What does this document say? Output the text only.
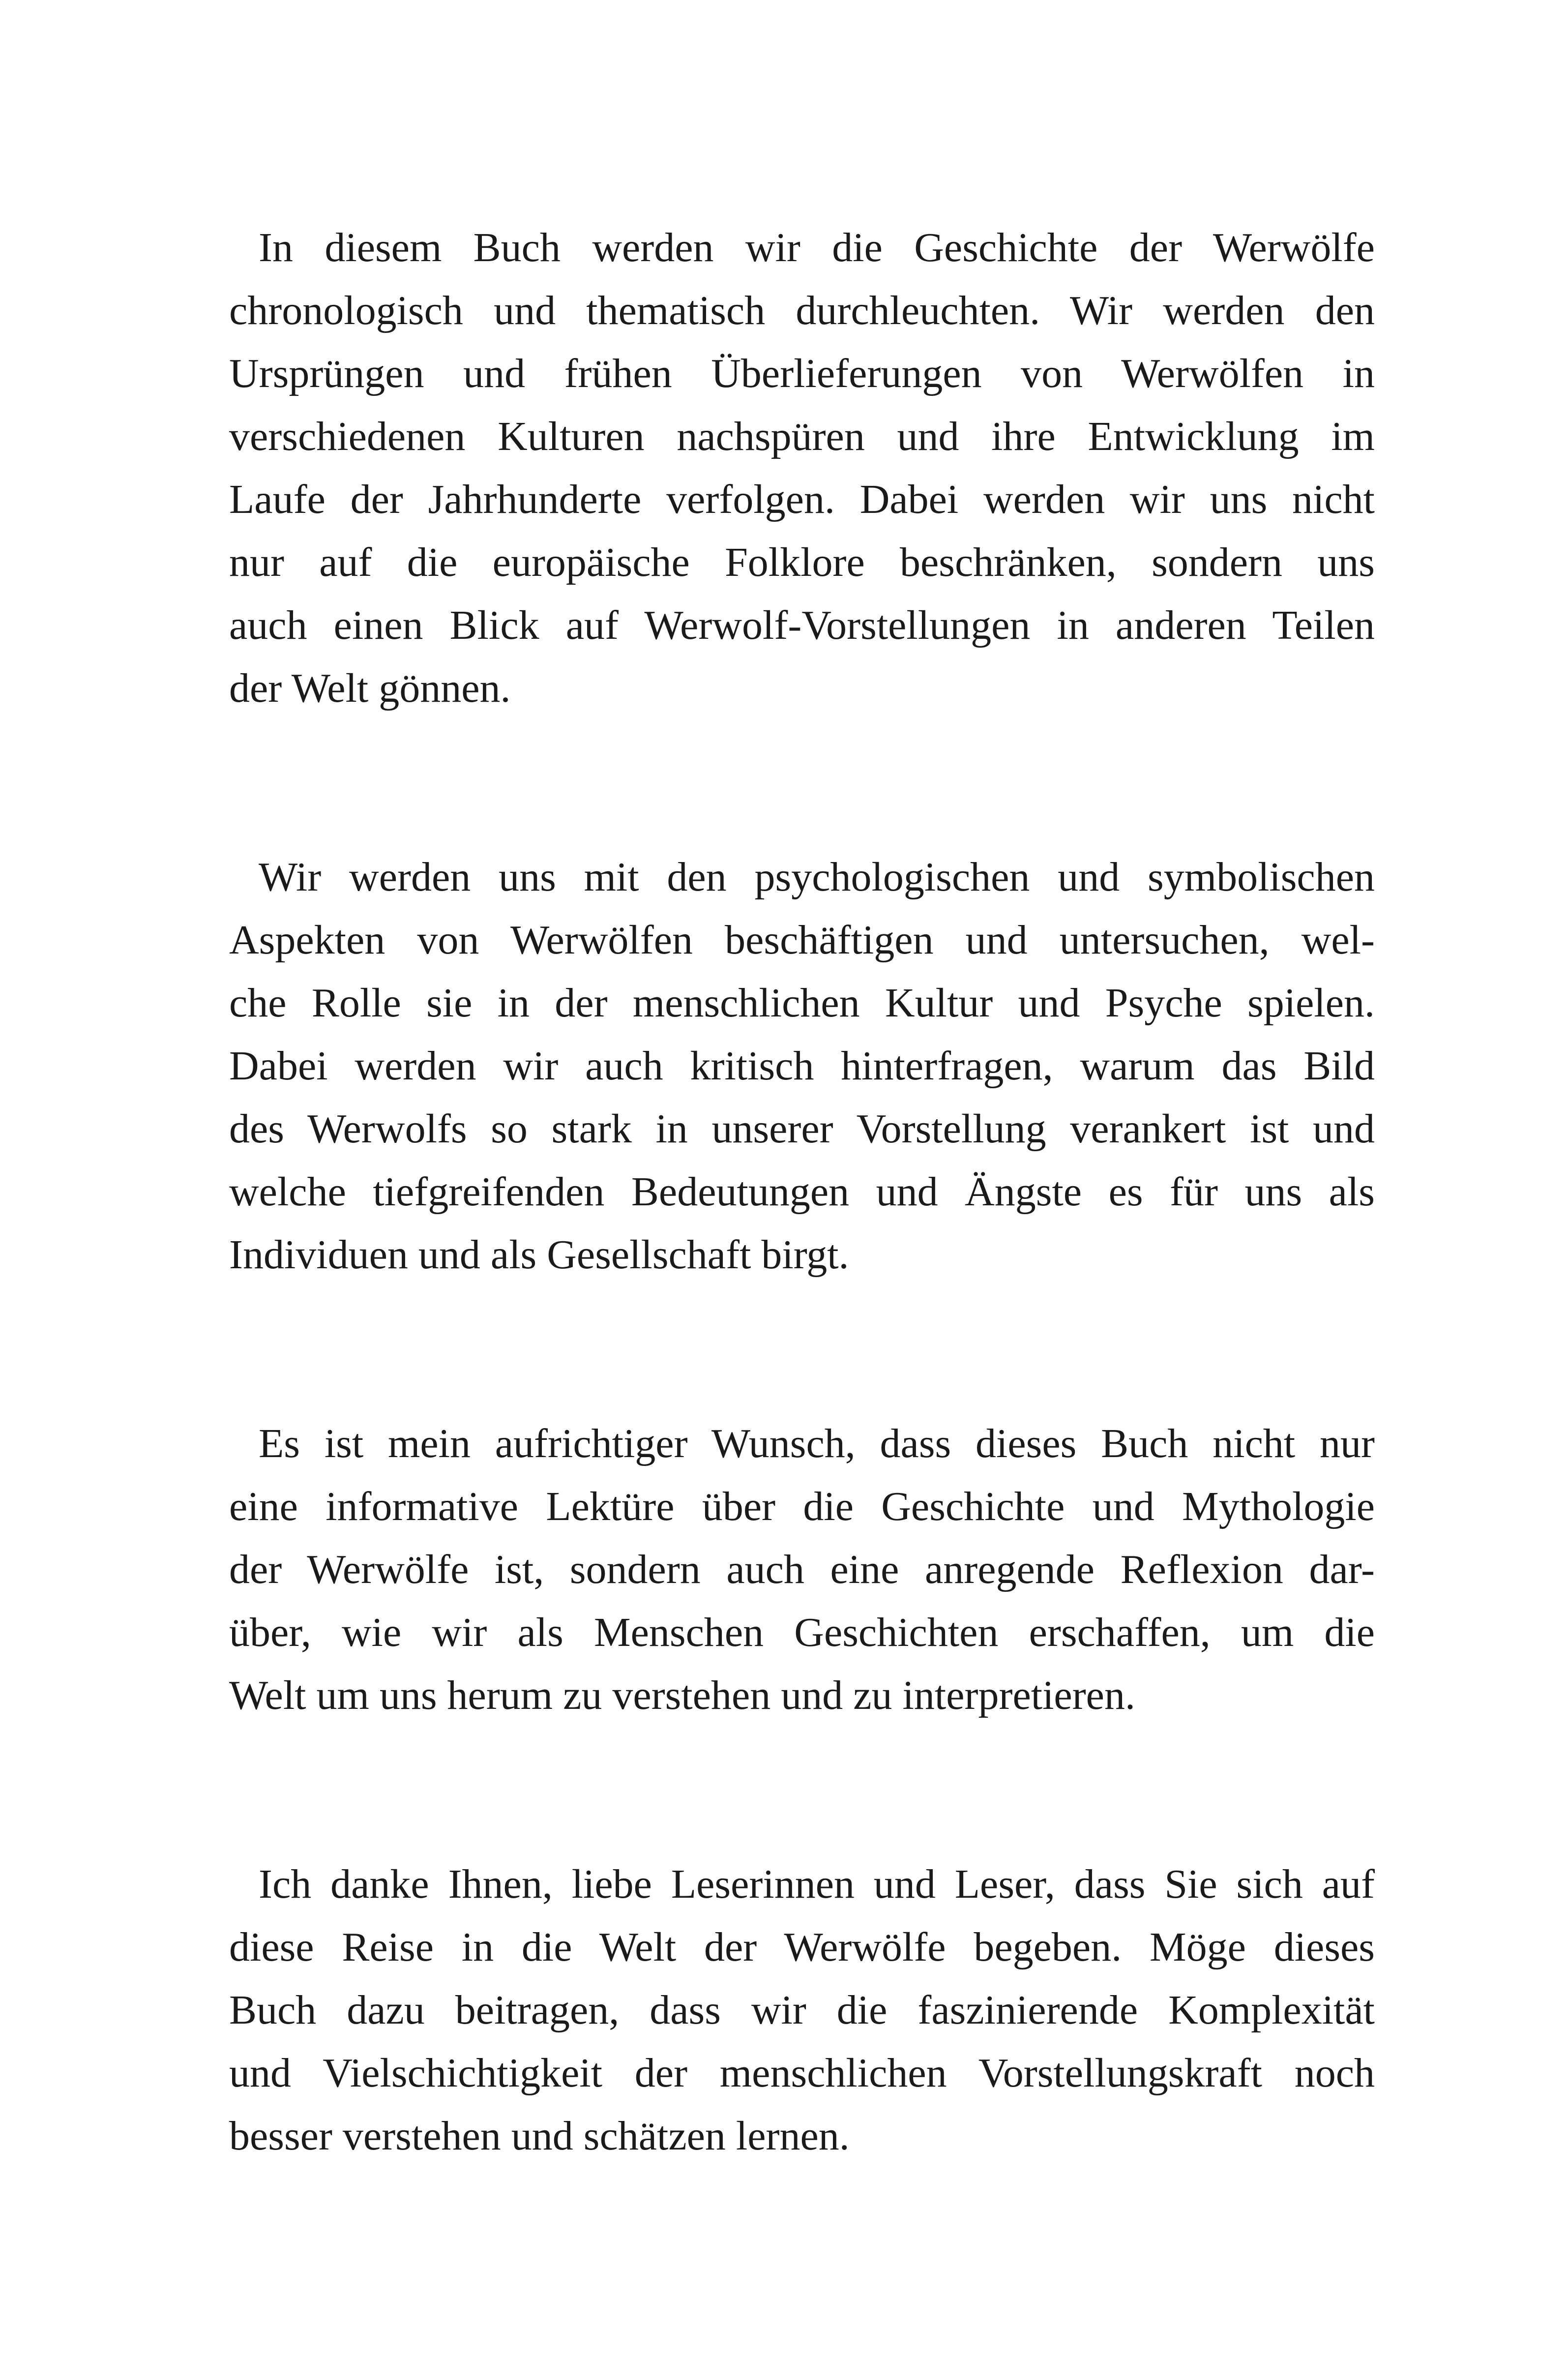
In diesem Buch werden wir die Geschichte der Werwölfe
chronologisch und thematisch durchleuchten. Wir werden den
Ursprüngen und frühen Überlieferungen von Werwölfen in
verschiedenen Kulturen nachspüren und ihre Entwicklung im
Laufe der Jahrhunderte verfolgen. Dabei werden wir uns nicht
nur auf die europäische Folklore beschränken, sondern uns
auch einen Blick auf Werwolf-Vorstellungen in anderen Teilen
der Welt gönnen.

Wir werden uns mit den psychologischen und symbolischen
Aspekten von Werwölfen beschäftigen und untersuchen, wel-
che Rolle sie in der menschlichen Kultur und Psyche spielen.
Dabei werden wir auch kritisch hinterfragen, warum das Bild
des Werwolfs so stark in unserer Vorstellung verankert ist und
welche tiefgreifenden Bedeutungen und Ängste es für uns als
Individuen und als Gesellschaft birgt.

Es ist mein aufrichtiger Wunsch, dass dieses Buch nicht nur
eine informative Lektüre über die Geschichte und Mythologie
der Werwölfe ist, sondern auch eine anregende Reflexion dar-
über, wie wir als Menschen Geschichten erschaffen, um die
Welt um uns herum zu verstehen und zu interpretieren.

Ich danke Ihnen, liebe Leserinnen und Leser, dass Sie sich auf
diese Reise in die Welt der Werwölfe begeben. Möge dieses
Buch dazu beitragen, dass wir die faszinierende Komplexität
und Vielschichtigkeit der menschlichen Vorstellungskraft noch
besser verstehen und schätzen lernen.
